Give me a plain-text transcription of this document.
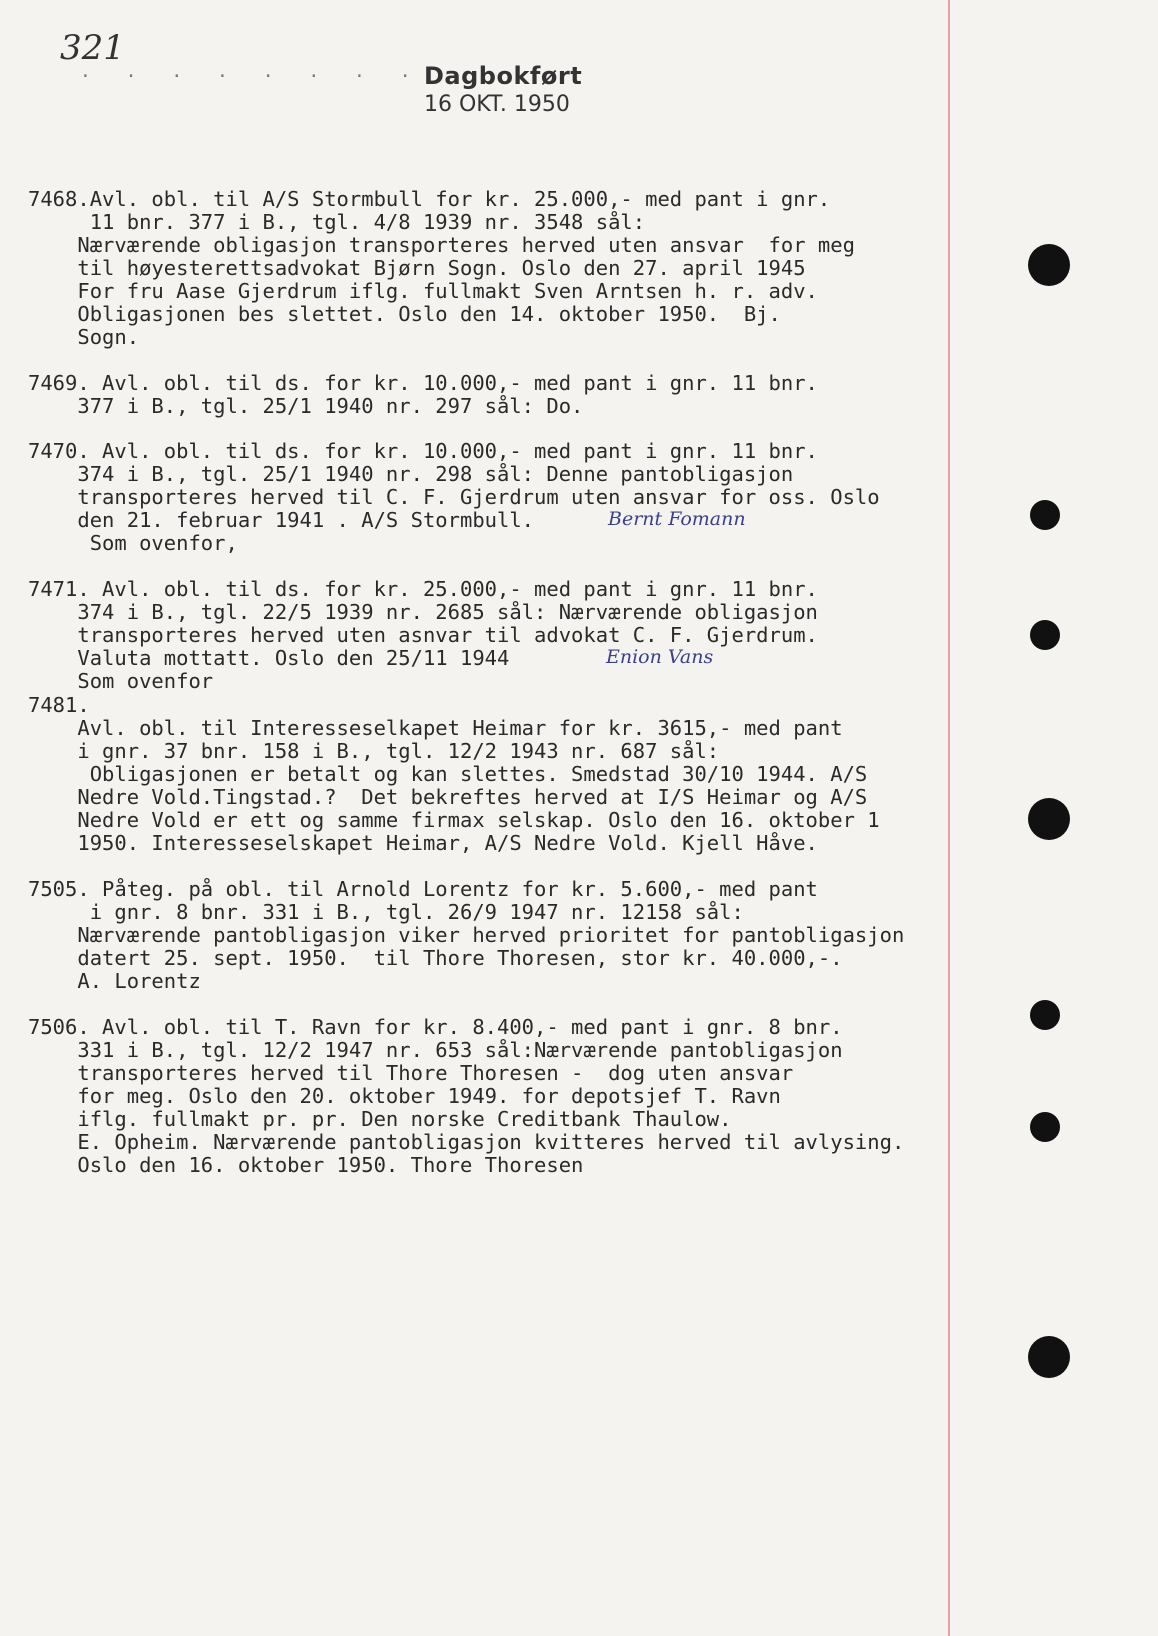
321
· · · · · · · · Dagbokført
16 OKT. 1950

7468.Avl. obl. til A/S Stormbull for kr. 25.000,- med pant i gnr.
11 bnr. 377 i B., tgl. 4/8 1939 nr. 3548 sål:
Nærværende obligasjon transporteres herved uten ansvar  for meg
til høyesterettsadvokat Bjørn Sogn. Oslo den 27. april 1945
For fru Aase Gjerdrum iflg. fullmakt Sven Arntsen h. r. adv.
Obligasjonen bes slettet. Oslo den 14. oktober 1950.  Bj.
Sogn.
7469. Avl. obl. til ds. for kr. 10.000,- med pant i gnr. 11 bnr.
377 i B., tgl. 25/1 1940 nr. 297 sål: Do.
7470. Avl. obl. til ds. for kr. 10.000,- med pant i gnr. 11 bnr.
374 i B., tgl. 25/1 1940 nr. 298 sål: Denne pantobligasjon
transporteres herved til C. F. Gjerdrum uten ansvar for oss. Oslo
den 21. februar 1941 . A/S Stormbull.
Som ovenfor,
Bernt Fomann
7471. Avl. obl. til ds. for kr. 25.000,- med pant i gnr. 11 bnr.
374 i B., tgl. 22/5 1939 nr. 2685 sål: Nærværende obligasjon
transporteres herved uten asnvar til advokat C. F. Gjerdrum.
Valuta mottatt. Oslo den 25/11 1944
Som ovenfor
Enion Vans
7481.
Avl. obl. til Interesseselkapet Heimar for kr. 3615,- med pant
i gnr. 37 bnr. 158 i B., tgl. 12/2 1943 nr. 687 sål:
Obligasjonen er betalt og kan slettes. Smedstad 30/10 1944. A/S
Nedre Vold.Tingstad.?  Det bekreftes herved at I/S Heimar og A/S
Nedre Vold er ett og samme firmax selskap. Oslo den 16. oktober 1
1950. Interesseselskapet Heimar, A/S Nedre Vold. Kjell Håve.
7505. Påteg. på obl. til Arnold Lorentz for kr. 5.600,- med pant
i gnr. 8 bnr. 331 i B., tgl. 26/9 1947 nr. 12158 sål:
Nærværende pantobligasjon viker herved prioritet for pantobligasjon
datert 25. sept. 1950.  til Thore Thoresen, stor kr. 40.000,-.
A. Lorentz
7506. Avl. obl. til T. Ravn for kr. 8.400,- med pant i gnr. 8 bnr.
331 i B., tgl. 12/2 1947 nr. 653 sål:Nærværende pantobligasjon
transporteres herved til Thore Thoresen -  dog uten ansvar
for meg. Oslo den 20. oktober 1949. for depotsjef T. Ravn
iflg. fullmakt pr. pr. Den norske Creditbank Thaulow.
E. Opheim. Nærværende pantobligasjon kvitteres herved til avlysing.
Oslo den 16. oktober 1950. Thore Thoresen
